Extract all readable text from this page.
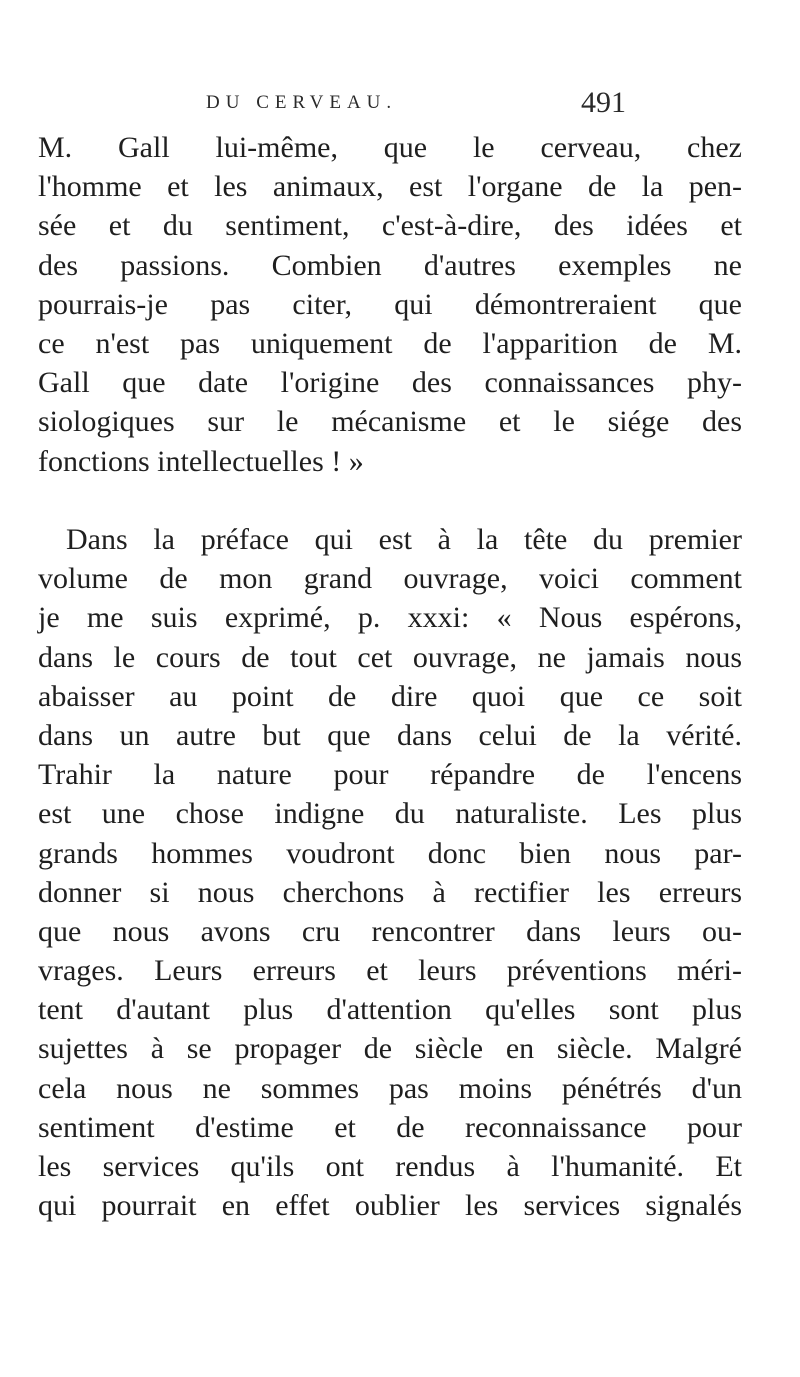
DU CERVEAU.	491
M. Gall lui-même, que le cerveau, chez
l'homme et les animaux, est l'organe de la pen-
sée et du sentiment, c'est-à-dire, des idées et
des passions. Combien d'autres exemples ne
pourrais-je pas citer, qui démontreraient que
ce n'est pas uniquement de l'apparition de M.
Gall que date l'origine des connaissances phy-
siologiques sur le mécanisme et le siége des
fonctions intellectuelles ! »
Dans la préface qui est à la tête du premier
volume de mon grand ouvrage, voici comment
je me suis exprimé, p. xxxi: « Nous espérons,
dans le cours de tout cet ouvrage, ne jamais nous
abaisser au point de dire quoi que ce soit
dans un autre but que dans celui de la vérité.
Trahir la nature pour répandre de l'encens
est une chose indigne du naturaliste. Les plus
grands hommes voudront donc bien nous par-
donner si nous cherchons à rectifier les erreurs
que nous avons cru rencontrer dans leurs ou-
vrages. Leurs erreurs et leurs préventions méri-
tent d'autant plus d'attention qu'elles sont plus
sujettes à se propager de siècle en siècle. Malgré
cela nous ne sommes pas moins pénétrés d'un
sentiment d'estime et de reconnaissance pour
les services qu'ils ont rendus à l'humanité. Et
qui pourrait en effet oublier les services signalés
